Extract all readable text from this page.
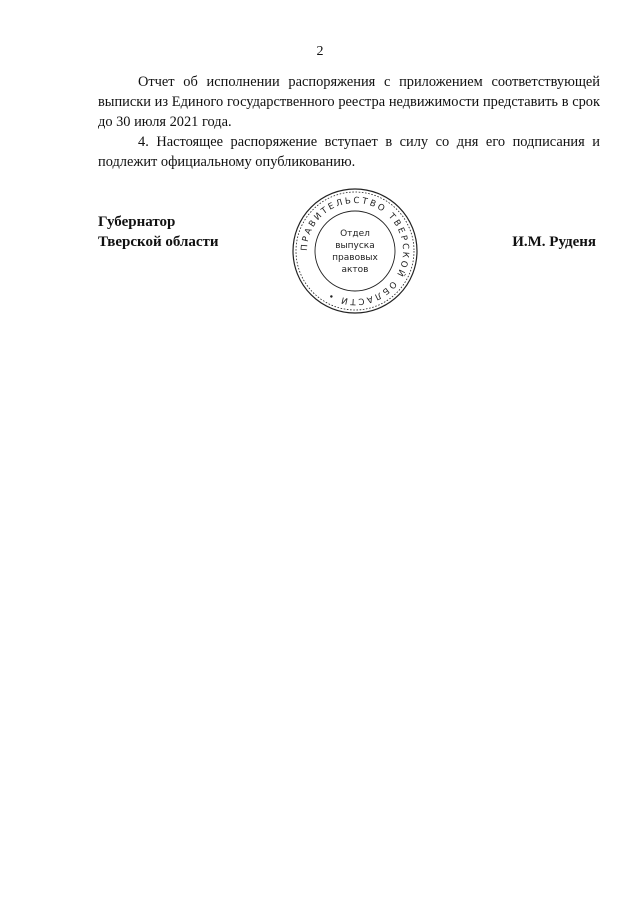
2

Отчет об исполнении распоряжения с приложением соответствующей выписки из Единого государственного реестра недвижимости представить в срок до 30 июля 2021 года.

4. Настоящее распоряжение вступает в силу со дня его подписания и подлежит официальному опубликованию.

Губернатор
Тверской области	И.М. Руденя
ПРАВИТЕЛЬСТВО ТВЕРСКОЙ ОБЛАСТИ •
Отдел
выпуска
правовых
актов
